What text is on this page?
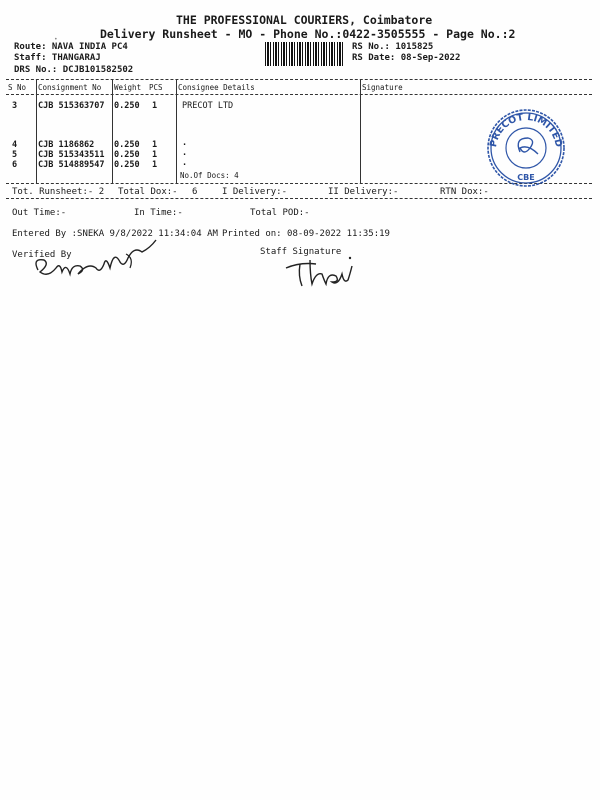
THE PROFESSIONAL COURIERS, Coimbatore
Delivery Runsheet - MO - Phone No.:0422-3505555 - Page No.:2
Route: NAVA INDIA PC4
Staff: THANGARAJ
DRS No.: DCJB101582502
RS No.: 1015825
RS Date: 08-Sep-2022
S No Consignment No Weight PCS Consignee Details	Signature
3 CJB 515363707 0.250 1	PRECOT LTD
4 CJB 1186862 0.250 1	.
5 CJB 515343511 0.250 1	.
6 CJB 514889547 0.250 1	.
No.Of Docs: 4
PRECOT LIMITED
CBE
Tot. Runsheet:- 2 Total Dox:- 6	I Delivery:-	II Delivery:-	RTN Dox:-
Out Time:-	In Time:-	Total POD:-
Entered By :SNEKA 9/8/2022 11:34:04 AM Printed on: 08-09-2022 11:35:19
Verified By	Staff Signature
•
